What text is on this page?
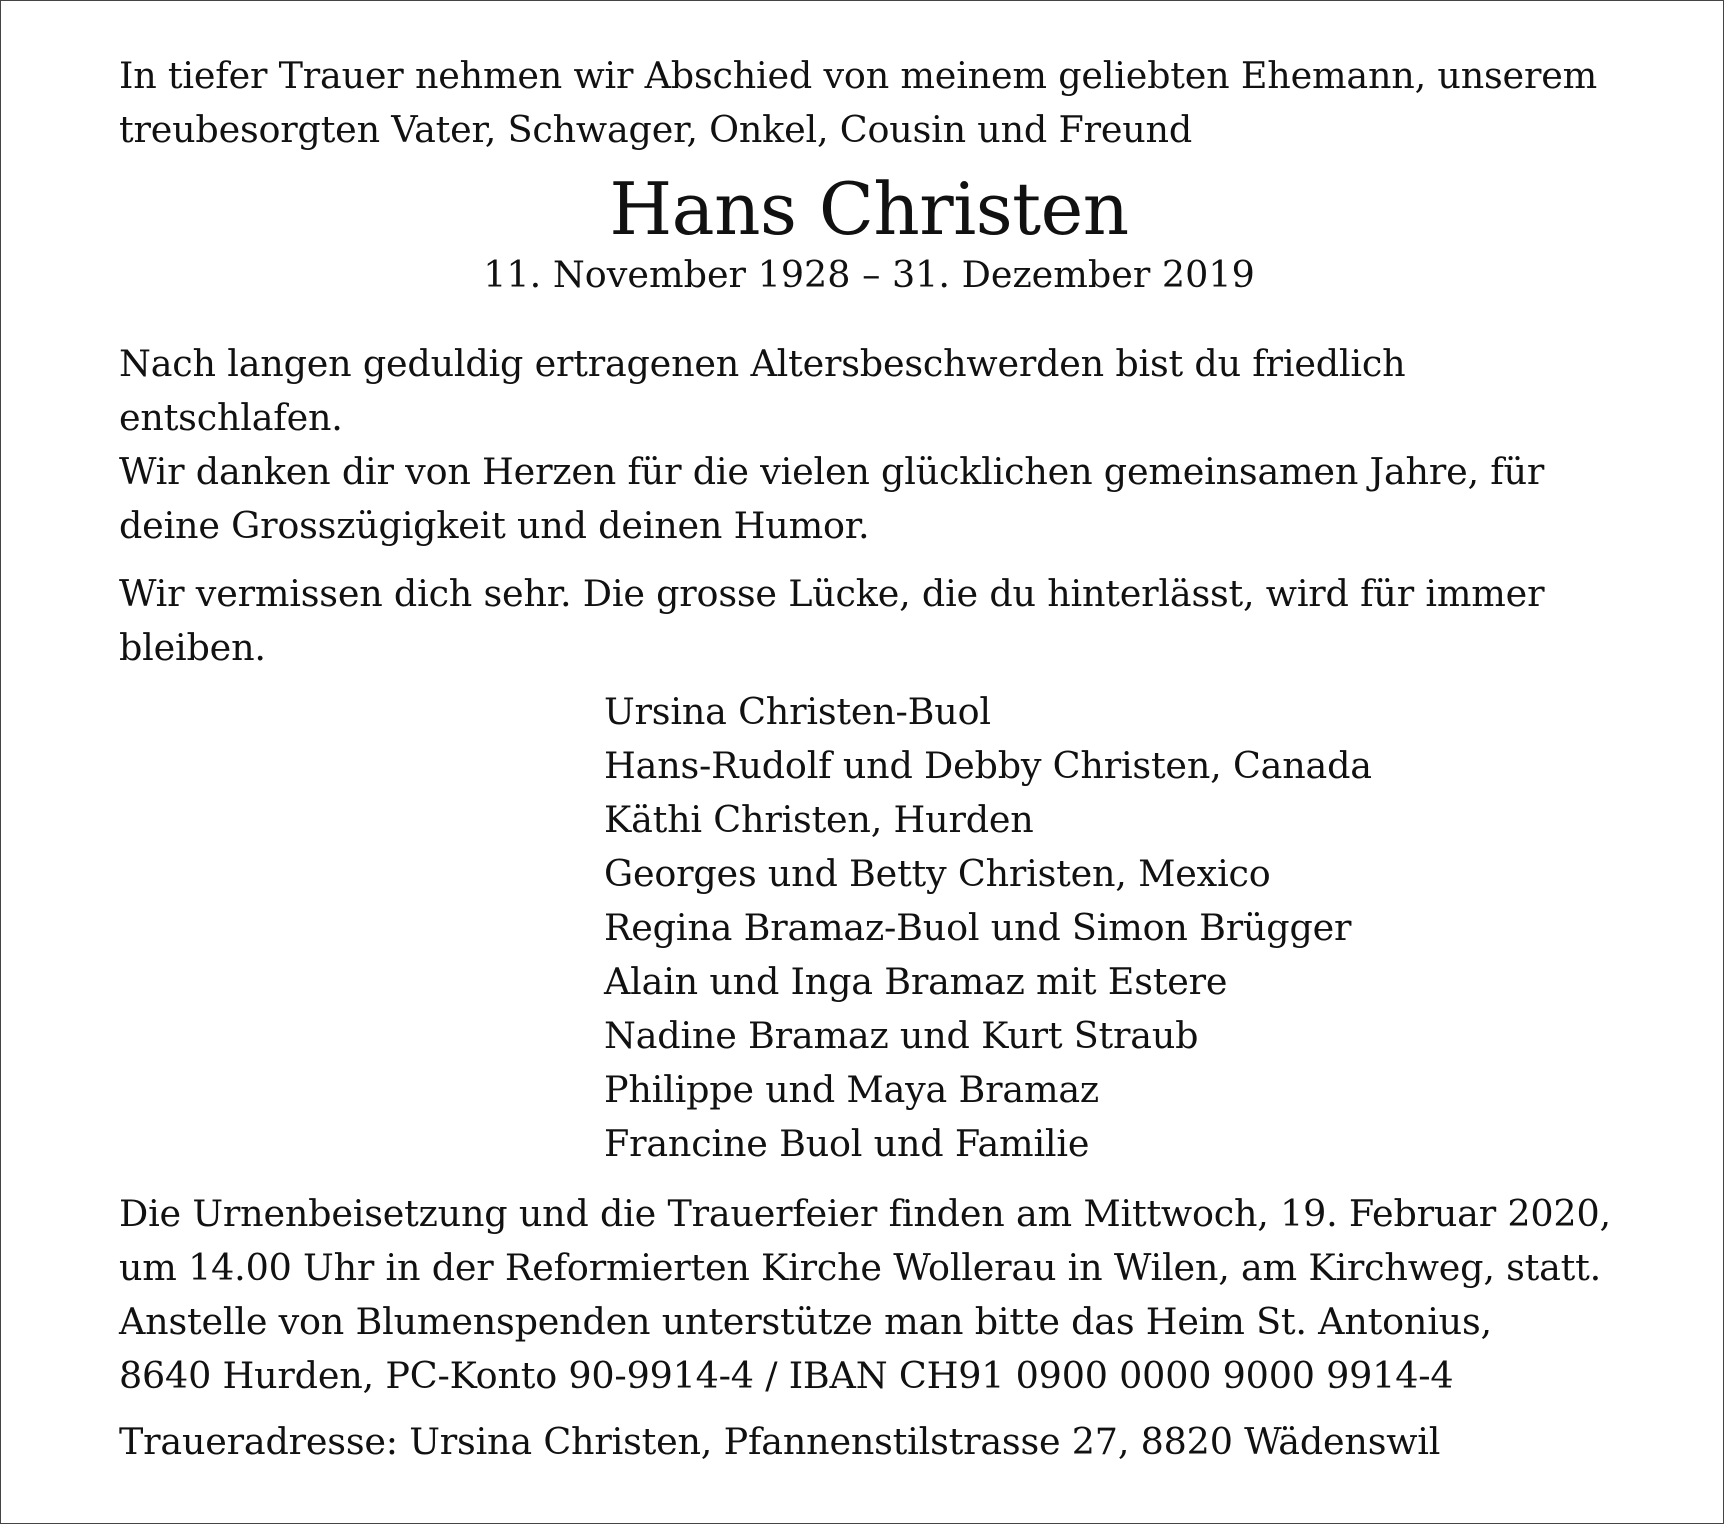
In tiefer Trauer nehmen wir Abschied von meinem geliebten Ehemann, unserem
treubesorgten Vater, Schwager, Onkel, Cousin und Freund

Hans Christen
11. November 1928 – 31. Dezember 2019

Nach langen geduldig ertragenen Altersbeschwerden bist du friedlich entschlafen.
Wir danken dir von Herzen für die vielen glücklichen gemeinsamen Jahre, für
deine Grosszügigkeit und deinen Humor.

Wir vermissen dich sehr. Die grosse Lücke, die du hinterlässt, wird für immer
bleiben.

Ursina Christen-Buol
Hans-Rudolf und Debby Christen, Canada
Käthi Christen, Hurden
Georges und Betty Christen, Mexico
Regina Bramaz-Buol und Simon Brügger
Alain und Inga Bramaz mit Estere
Nadine Bramaz und Kurt Straub
Philippe und Maya Bramaz
Francine Buol und Familie

Die Urnenbeisetzung und die Trauerfeier finden am Mittwoch, 19. Februar 2020,
um 14.00 Uhr in der Reformierten Kirche Wollerau in Wilen, am Kirchweg, statt.
Anstelle von Blumenspenden unterstütze man bitte das Heim St. Antonius,
8640 Hurden, PC-Konto 90-9914-4 / IBAN CH91 0900 0000 9000 9914-4

Traueradresse: Ursina Christen, Pfannenstilstrasse 27, 8820 Wädenswil
